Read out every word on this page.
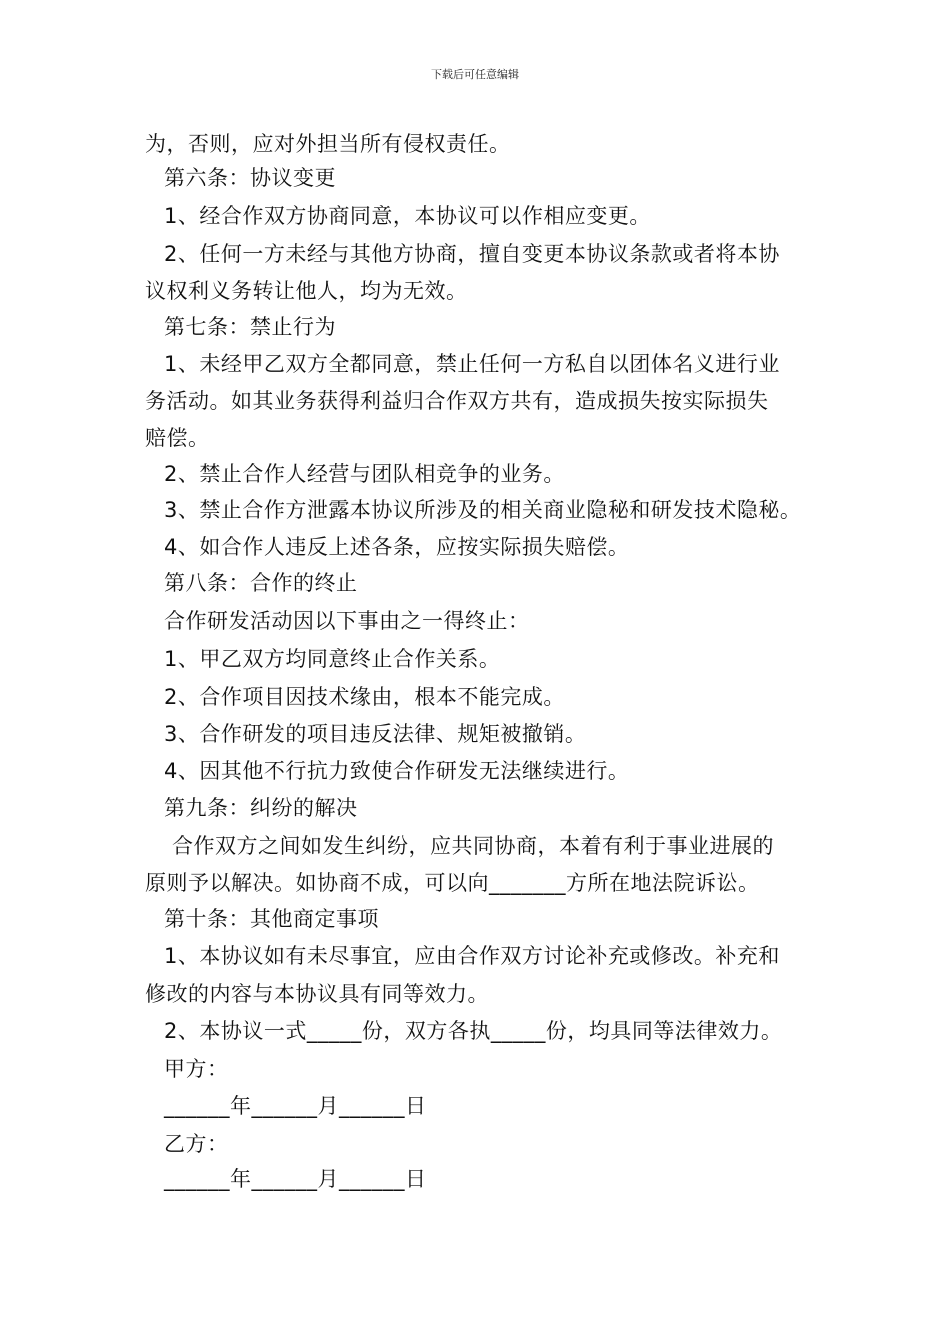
下载后可任意编辑
为，否则，应对外担当所有侵权责任。
第六条：协议变更
1、经合作双方协商同意，本协议可以作相应变更。
2、任何一方未经与其他方协商，擅自变更本协议条款或者将本协
议权利义务转让他人，均为无效。
第七条：禁止行为
1、未经甲乙双方全都同意，禁止任何一方私自以团体名义进行业
务活动。如其业务获得利益归合作双方共有，造成损失按实际损失
赔偿。
2、禁止合作人经营与团队相竞争的业务。
3、禁止合作方泄露本协议所涉及的相关商业隐秘和研发技术隐秘。
4、如合作人违反上述各条，应按实际损失赔偿。
第八条：合作的终止
合作研发活动因以下事由之一得终止：
1、甲乙双方均同意终止合作关系。
2、合作项目因技术缘由，根本不能完成。
3、合作研发的项目违反法律、规矩被撤销。
4、因其他不行抗力致使合作研发无法继续进行。
第九条：纠纷的解决
合作双方之间如发生纠纷，应共同协商，本着有利于事业进展的
原则予以解决。如协商不成，可以向_______方所在地法院诉讼。
第十条：其他商定事项
1、本协议如有未尽事宜，应由合作双方讨论补充或修改。补充和
修改的内容与本协议具有同等效力。
2、本协议一式_____份，双方各执_____份，均具同等法律效力。
甲方：
______年______月______日
乙方：
______年______月______日
